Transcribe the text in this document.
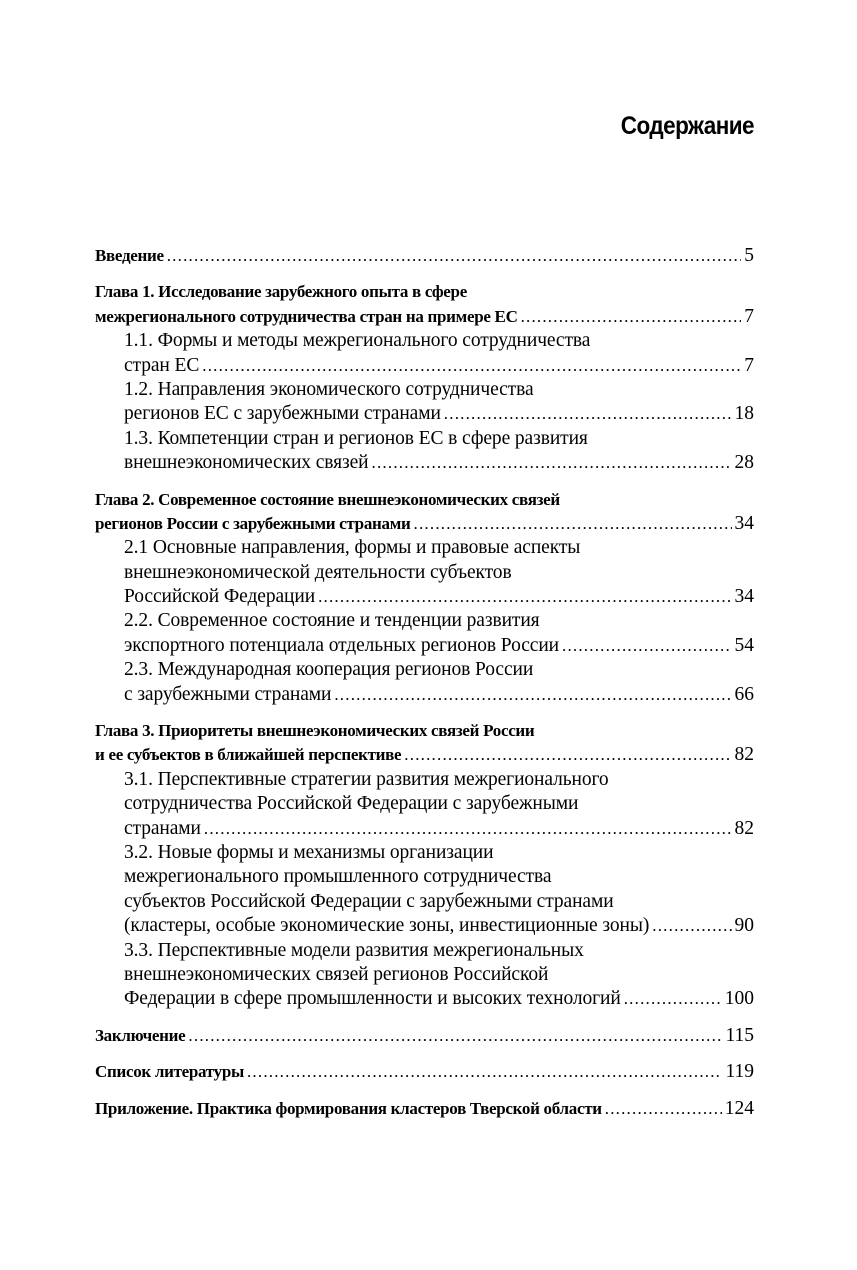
Содержание
Введение .....	5
Глава 1. Исследование зарубежного опыта в сфере
межрегионального сотрудничества стран на примере ЕС .....	7
1.1. Формы и методы межрегионального сотрудничества
стран ЕС .....	7
1.2. Направления экономического сотрудничества
регионов ЕС с зарубежными странами .....	18
1.3. Компетенции стран и регионов ЕС в сфере развития
внешнеэкономических связей .....	28
Глава 2. Современное состояние внешнеэкономических связей
регионов России с зарубежными странами .....	34
2.1 Основные направления, формы и правовые аспекты
внешнеэкономической деятельности субъектов
Российской Федерации .....	34
2.2. Современное состояние и тенденции развития
экспортного потенциала отдельных регионов России .....	54
2.3. Международная кооперация регионов России
с зарубежными странами .....	66
Глава 3. Приоритеты внешнеэкономических связей России
и ее субъектов в ближайшей перспективе .....	82
3.1. Перспективные стратегии развития межрегионального
сотрудничества Российской Федерации с зарубежными
странами .....	82
3.2. Новые формы и механизмы организации
межрегионального промышленного сотрудничества
субъектов Российской Федерации с зарубежными странами
(кластеры, особые экономические зоны, инвестиционные зоны) .....	90
3.3. Перспективные модели развития межрегиональных
внешнеэкономических связей регионов Российской
Федерации в сфере промышленности и высоких технологий .....	100
Заключение .....	115
Список литературы .....	119
Приложение. Практика формирования кластеров Тверской области .....	124
